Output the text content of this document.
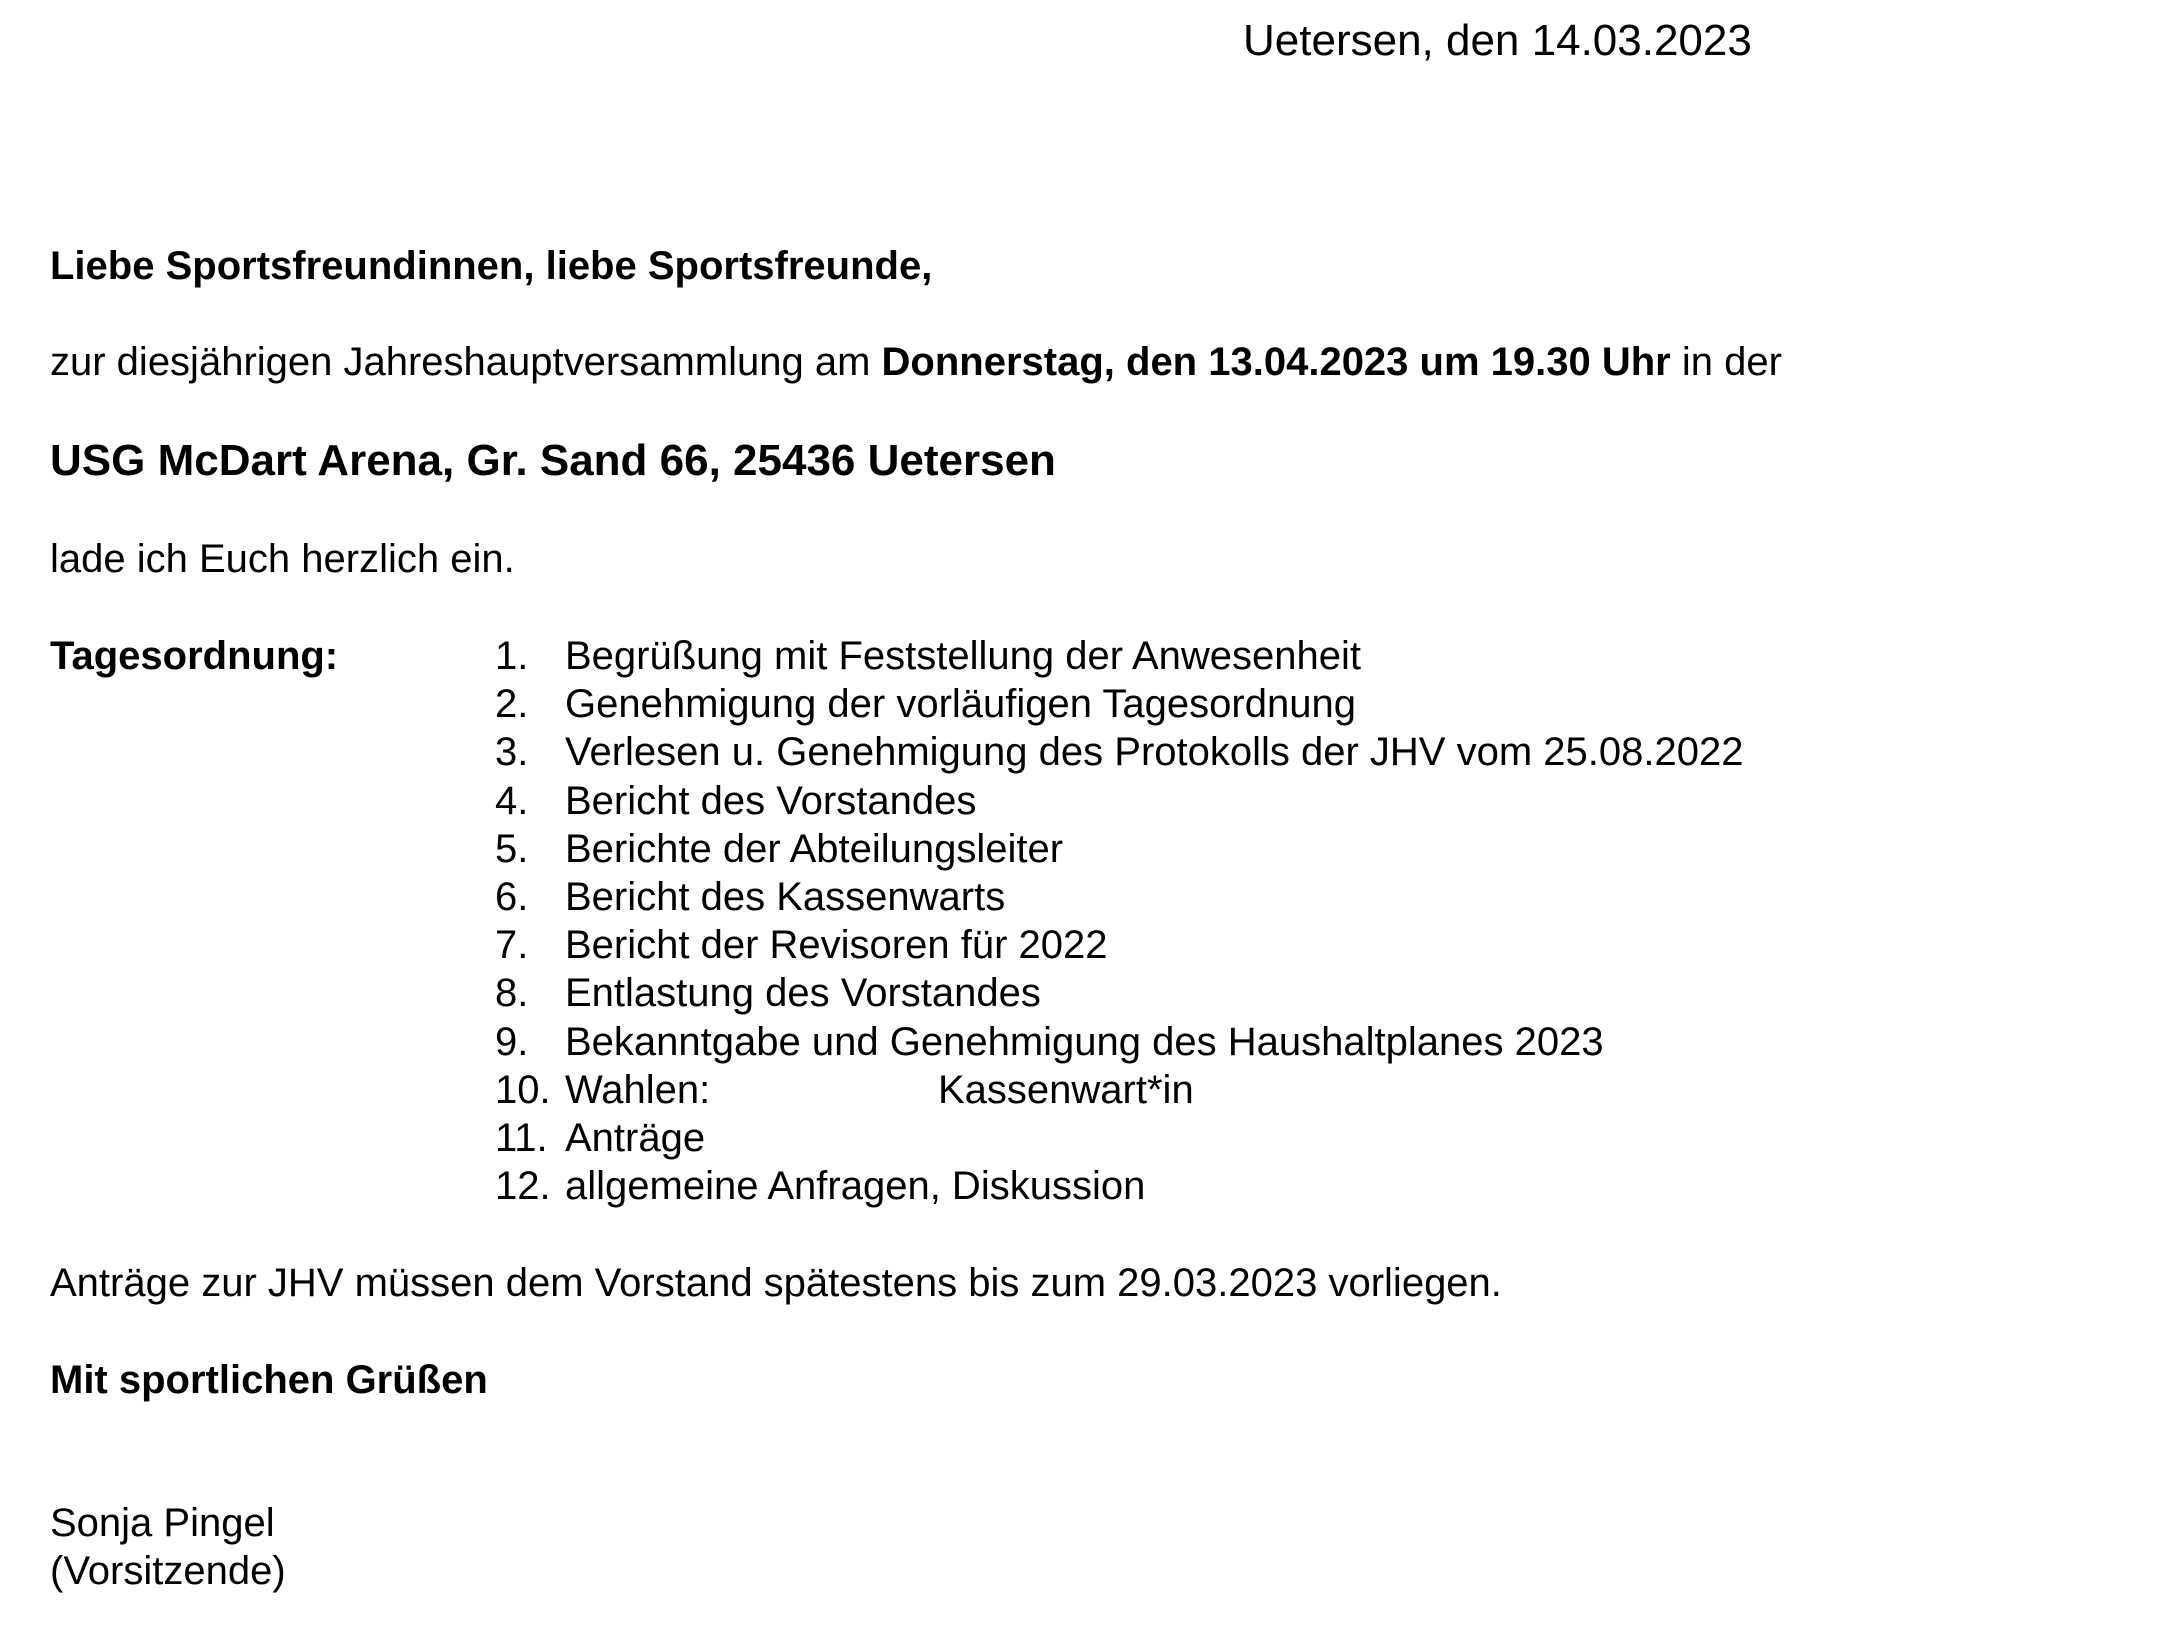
Uetersen, den 14.03.2023
Liebe Sportsfreundinnen, liebe Sportsfreunde,
zur diesjährigen Jahreshauptversammlung am Donnerstag, den 13.04.2023 um 19.30 Uhr in der
USG McDart Arena, Gr. Sand 66, 25436 Uetersen
lade ich Euch herzlich ein.
Tagesordnung:	1. Begrüßung mit Feststellung der Anwesenheit
2. Genehmigung der vorläufigen Tagesordnung
3. Verlesen u. Genehmigung des Protokolls der JHV vom 25.08.2022
4. Bericht des Vorstandes
5. Berichte der Abteilungsleiter
6. Bericht des Kassenwarts
7. Bericht der Revisoren für 2022
8. Entlastung des Vorstandes
9. Bekanntgabe und Genehmigung des Haushaltplanes 2023
10. Wahlen:	Kassenwart*in
11. Anträge
12. allgemeine Anfragen, Diskussion
Anträge zur JHV müssen dem Vorstand spätestens bis zum 29.03.2023 vorliegen.
Mit sportlichen Grüßen
Sonja Pingel
(Vorsitzende)
